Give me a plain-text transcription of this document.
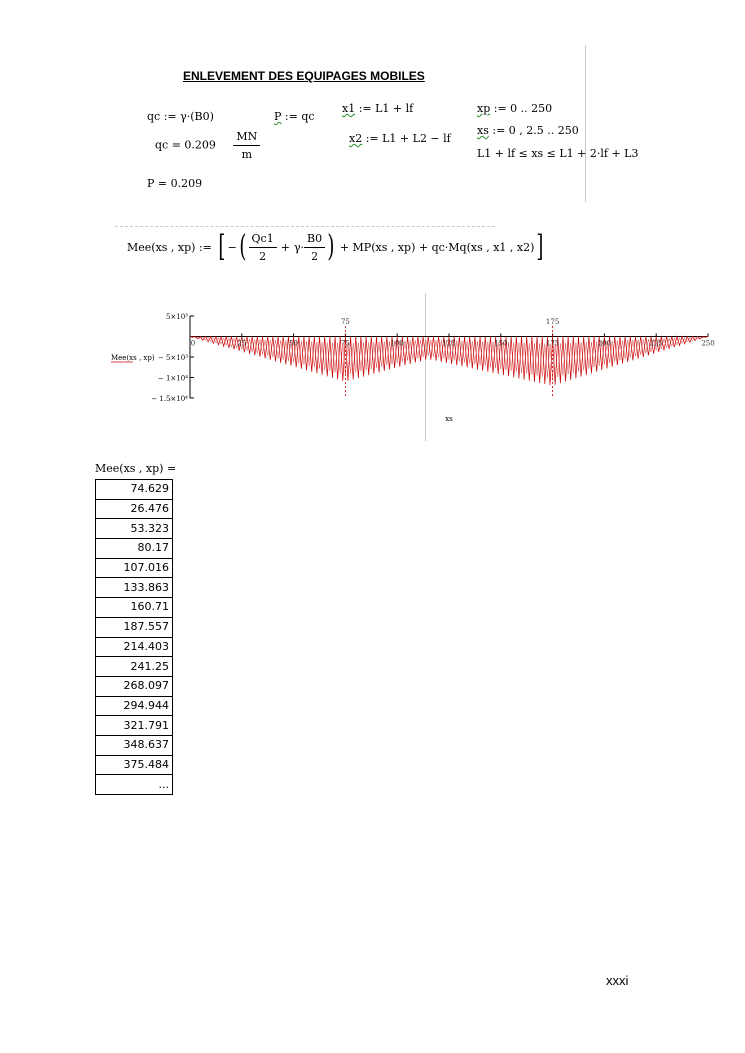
ENLEVEMENT DES EQUIPAGES MOBILES
qc := γ·(B0)
qc = $0.209 \frac{MN}{m}$
P = 0.209
P := qc
x1 := L1 + lf
x2 := L1 + L2 − lf
xp := 0 .. 250
xs := 0 , 2.5 .. 250
L1 + lf ≤ xs ≤ L1 + 2·lf + L3
Mee(xs , xp) := [ − ( $\frac{Qc1}{2} + \gamma\cdot \frac{B0}{2}$ ) + MP(xs , xp) + qc·Mq(xs , x1 , x2) ]
5×10³
− 5×10³
− 1×10⁴
− 1.5×10⁴
0	25	50	75	100	125	150	175	200	225	250
75	175
Mee(xs , xp)
xs
Mee(xs , xp) =
74.629
26.476
53.323
80.17
107.016
133.863
160.71
187.557
214.403
241.25
268.097
294.944
321.791
348.637
375.484
...
xxxi
